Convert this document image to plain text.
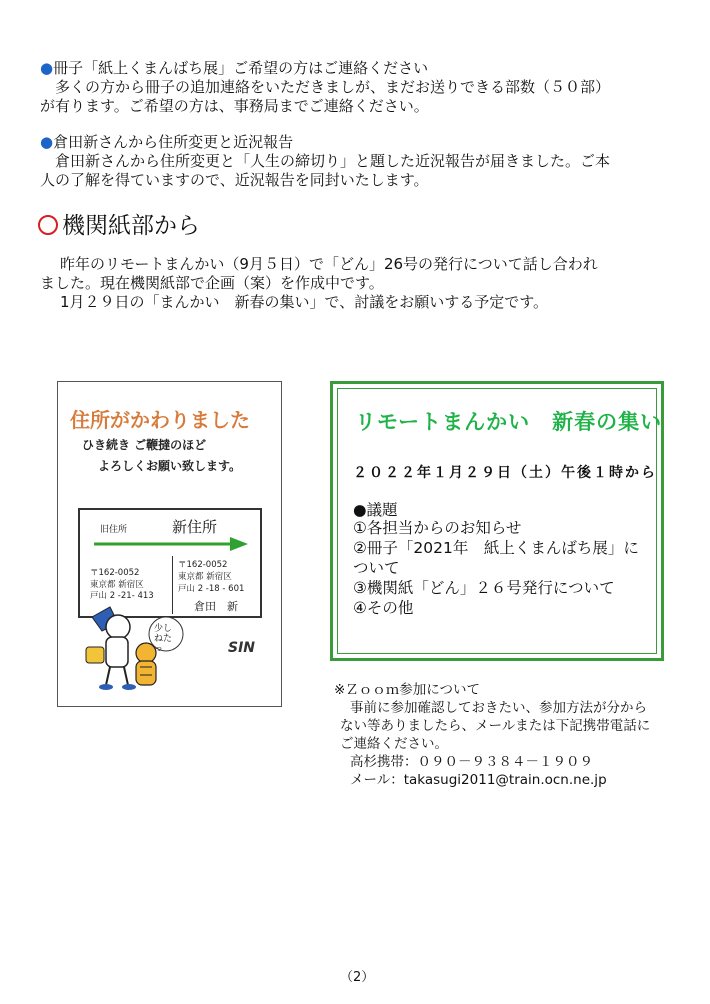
●冊子「紙上くまんばち展」ご希望の方はご連絡ください
多くの方から冊子の追加連絡をいただきましが、まだお送りできる部数（５０部）
が有ります。ご希望の方は、事務局までご連絡ください。
●倉田新さんから住所変更と近況報告
倉田新さんから住所変更と「人生の締切り」と題した近況報告が届きました。ご本
人の了解を得ていますので、近況報告を同封いたします。
機関紙部から
昨年のリモートまんかい（9月５日）で「どん」26号の発行について話し合われ
ました。現在機関紙部で企画（案）を作成中です。
1月２９日の「まんかい　新春の集い」で、討議をお願いする予定です。
住所がかわりました
ひき続き ご鞭撻のほど
よろしくお願い致します。
旧住所	新住所
〒162-0052
東京都 新宿区
戸山 2 -21- 413
〒162-0052
東京都 新宿区
戸山 2 -18 - 601
倉田　新
少しねたっ	SIN
リモートまんかい　新春の集い
２０２２年１月２９日（土）午後１時から
●議題
①各担当からのお知らせ
②冊子「2021年　紙上くまんばち展」に
ついて
③機関紙「どん」２６号発行について
④その他
※Ｚｏｏｍ参加について
事前に参加確認しておきたい、参加方法が分から
ない等ありましたら、メールまたは下記携帯電話に
ご連絡ください。
高杉携帯：０９０－９３８４－１９０９
メール：takasugi2011@train.ocn.ne.jp
（2）
